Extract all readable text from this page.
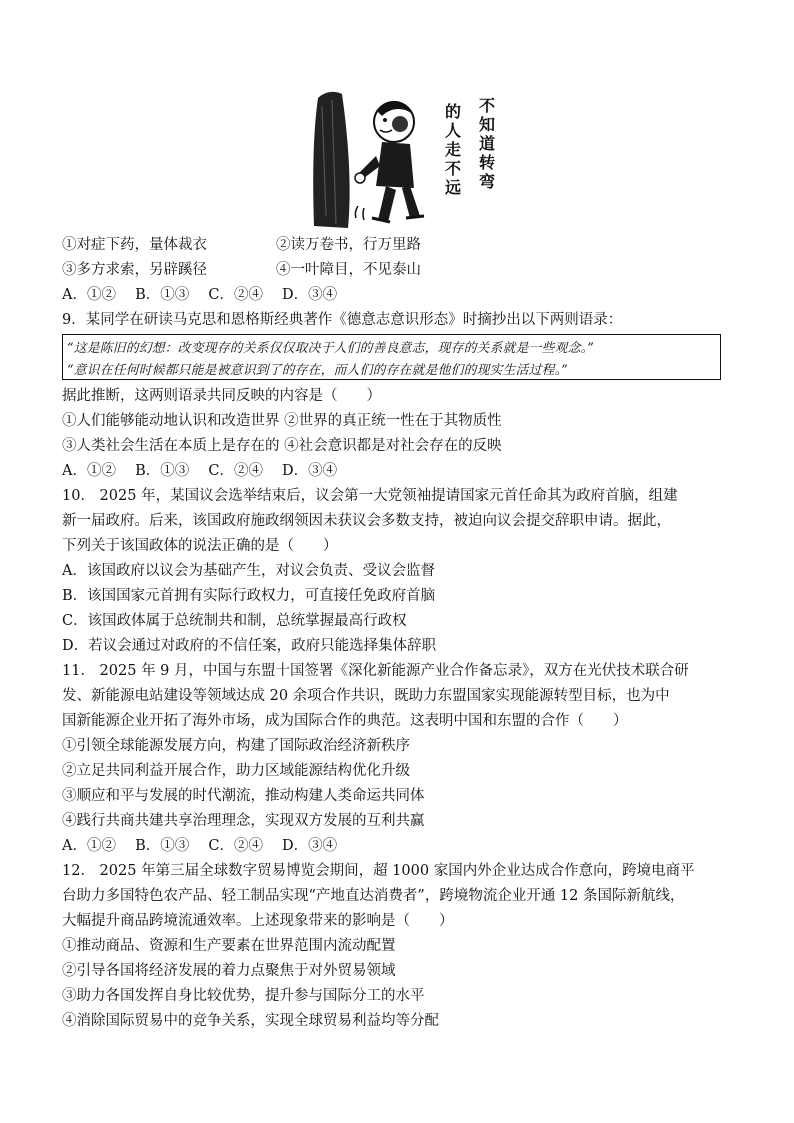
不
知
道
转
弯
的
人
走
不
远
①对症下药，量体裁衣	②读万卷书，行万里路
③多方求索，另辟蹊径	④一叶障目，不见泰山
A．①②　 B．①③　 C．②④　 D．③④
9．某同学在研读马克思和恩格斯经典著作《德意志意识形态》时摘抄出以下两则语录：
“这是陈旧的幻想：改变现存的关系仅仅取决于人们的善良意志，现存的关系就是一些观念。”
“意识在任何时候都只能是被意识到了的存在，而人们的存在就是他们的现实生活过程。”
据此推断，这两则语录共同反映的内容是（　　）
①人们能够能动地认识和改造世界 ②世界的真正统一性在于其物质性
③人类社会生活在本质上是存在的 ④社会意识都是对社会存在的反映
A．①②　 B．①③　 C．②④　 D．③④
10． 2025 年，某国议会选举结束后，议会第一大党领袖提请国家元首任命其为政府首脑，组建
新一届政府。后来，该国政府施政纲领因未获议会多数支持，被迫向议会提交辞职申请。据此，
下列关于该国政体的说法正确的是（　　）
A．该国政府以议会为基础产生，对议会负责、受议会监督
B．该国国家元首拥有实际行政权力，可直接任免政府首脑
C．该国政体属于总统制共和制，总统掌握最高行政权
D．若议会通过对政府的不信任案，政府只能选择集体辞职
11． 2025 年 9 月，中国与东盟十国签署《深化新能源产业合作备忘录》，双方在光伏技术联合研
发、新能源电站建设等领域达成 20 余项合作共识，既助力东盟国家实现能源转型目标，也为中
国新能源企业开拓了海外市场，成为国际合作的典范。这表明中国和东盟的合作（　　）
①引领全球能源发展方向，构建了国际政治经济新秩序
②立足共同利益开展合作，助力区域能源结构优化升级
③顺应和平与发展的时代潮流，推动构建人类命运共同体
④践行共商共建共享治理理念，实现双方发展的互利共赢
A．①②　 B．①③　 C．②④　 D．③④
12． 2025 年第三届全球数字贸易博览会期间，超 1000 家国内外企业达成合作意向，跨境电商平
台助力多国特色农产品、轻工制品实现“产地直达消费者”，跨境物流企业开通 12 条国际新航线，
大幅提升商品跨境流通效率。上述现象带来的影响是（　　）
①推动商品、资源和生产要素在世界范围内流动配置
②引导各国将经济发展的着力点聚焦于对外贸易领域
③助力各国发挥自身比较优势，提升参与国际分工的水平
④消除国际贸易中的竞争关系，实现全球贸易利益均等分配
